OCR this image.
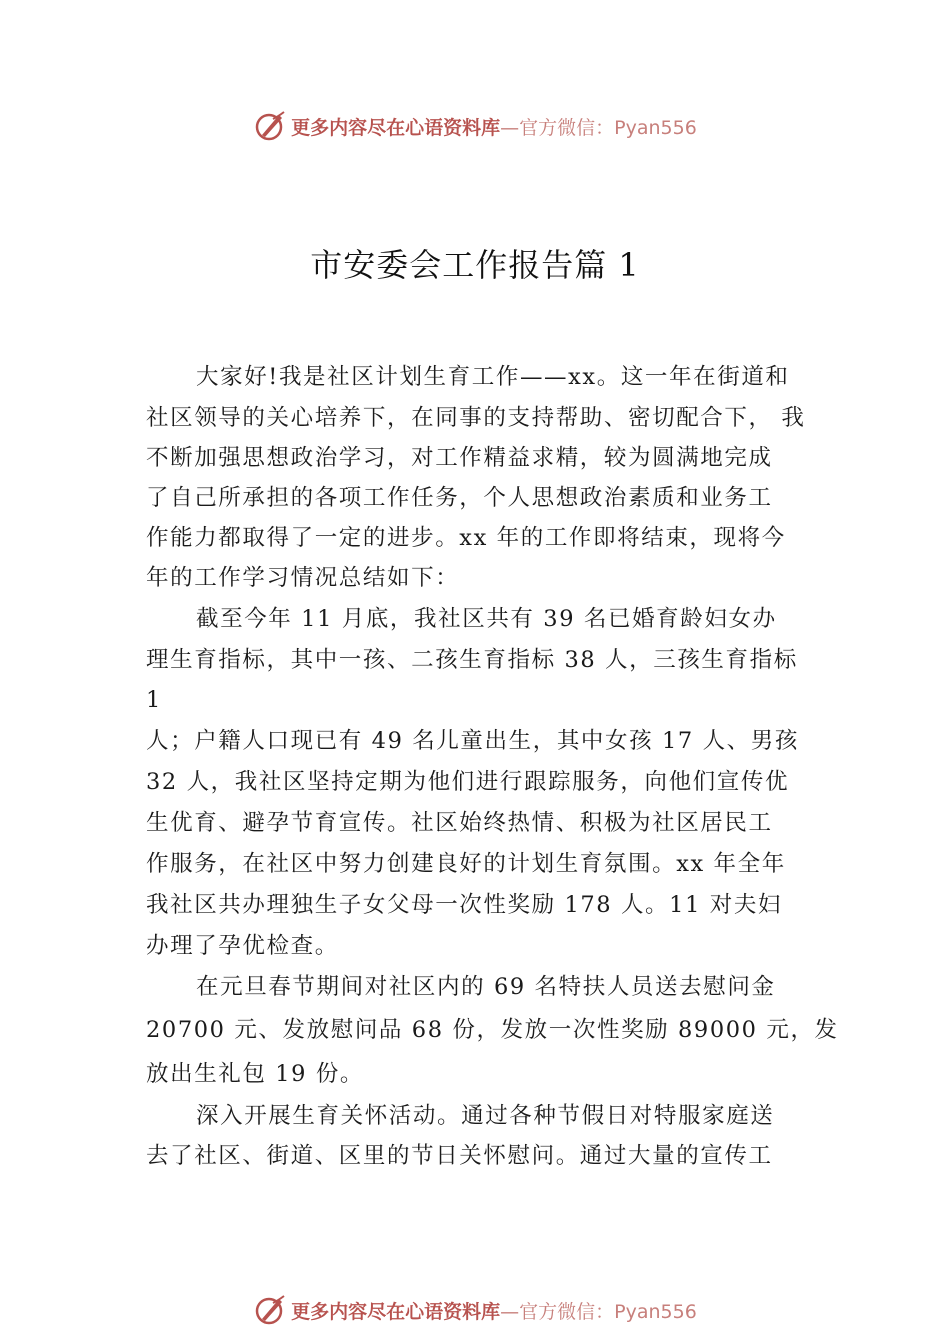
更多内容尽在心语资料库 —官方微信：Pyan556
市安委会工作报告篇 1
大家好!我是社区计划生育工作——xx。这一年在街道和
社区领导的关心培养下，在同事的支持帮助、密切配合下， 我
不断加强思想政治学习，对工作精益求精，较为圆满地完成
了自己所承担的各项工作任务，个人思想政治素质和业务工
作能力都取得了一定的进步。xx 年的工作即将结束，现将今
年的工作学习情况总结如下：
截至今年 11 月底，我社区共有 39 名已婚育龄妇女办
理生育指标，其中一孩、二孩生育指标 38 人，三孩生育指标
1
人；户籍人口现已有 49 名儿童出生，其中女孩 17 人、男孩
32 人，我社区坚持定期为他们进行跟踪服务，向他们宣传优
生优育、避孕节育宣传。社区始终热情、积极为社区居民工
作服务，在社区中努力创建良好的计划生育氛围。xx 年全年
我社区共办理独生子女父母一次性奖励 178 人。11 对夫妇
办理了孕优检查。
在元旦春节期间对社区内的 69 名特扶人员送去慰问金
20700 元、发放慰问品 68 份，发放一次性奖励 89000 元，发
放出生礼包 19 份。
深入开展生育关怀活动。通过各种节假日对特服家庭送
去了社区、街道、区里的节日关怀慰问。通过大量的宣传工
更多内容尽在心语资料库 —官方微信：Pyan556
